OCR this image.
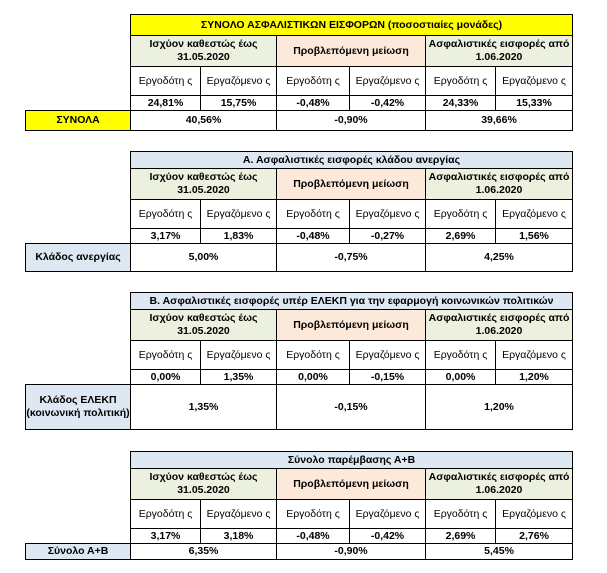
	ΣΥΝΟΛΟ ΑΣΦΑΛΙΣΤΙΚΩΝ ΕΙΣΦΟΡΩΝ (ποσοστιαίες μονάδες)					
	Ισχύον καθεστώς έως 31.05.2020		Προβλεπόμενη μείωση		Ασφαλιστικές εισφορές από 1.06.2020	
	Εργοδότη ς	Εργαζόμενο ς	Εργοδότη ς	Εργαζόμενο ς	Εργοδότη ς	Εργαζόμενο ς
	24,81%	15,75%	-0,48%	-0,42%	24,33%	15,33%
ΣΥΝΟΛΑ	40,56%		-0,90%		39,66%	
	Α. Ασφαλιστικές εισφορές κλάδου ανεργίας					
	Ισχύον καθεστώς έως 31.05.2020		Προβλεπόμενη μείωση		Ασφαλιστικές εισφορές από 1.06.2020	
	Εργοδότη ς	Εργαζόμενο ς	Εργοδότη ς	Εργαζόμενο ς	Εργοδότη ς	Εργαζόμενο ς
	3,17%	1,83%	-0,48%	-0,27%	2,69%	1,56%
Κλάδος ανεργίας	5,00%		-0,75%		4,25%	
	Β. Ασφαλιστικές εισφορές υπέρ ΕΛΕΚΠ για την εφαρμογή κοινωνικών πολιτικών					
	Ισχύον καθεστώς έως 31.05.2020		Προβλεπόμενη μείωση		Ασφαλιστικές εισφορές από 1.06.2020	
	Εργοδότη ς	Εργαζόμενο ς	Εργοδότη ς	Εργαζόμενο ς	Εργοδότη ς	Εργαζόμενο ς
	0,00%	1,35%	0,00%	-0,15%	0,00%	1,20%
Κλάδος ΕΛΕΚΠ (κοινωνική πολιτική)	1,35%		-0,15%		1,20%	
	Σύνολο παρέμβασης Α+Β					
	Ισχύον καθεστώς έως 31.05.2020		Προβλεπόμενη μείωση		Ασφαλιστικές εισφορές από 1.06.2020	
	Εργοδότη ς	Εργαζόμενο ς	Εργοδότη ς	Εργαζόμενο ς	Εργοδότη ς	Εργαζόμενο ς
	3,17%	3,18%	-0,48%	-0,42%	2,69%	2,76%
Σύνολο Α+Β	6,35%		-0,90%		5,45%	
